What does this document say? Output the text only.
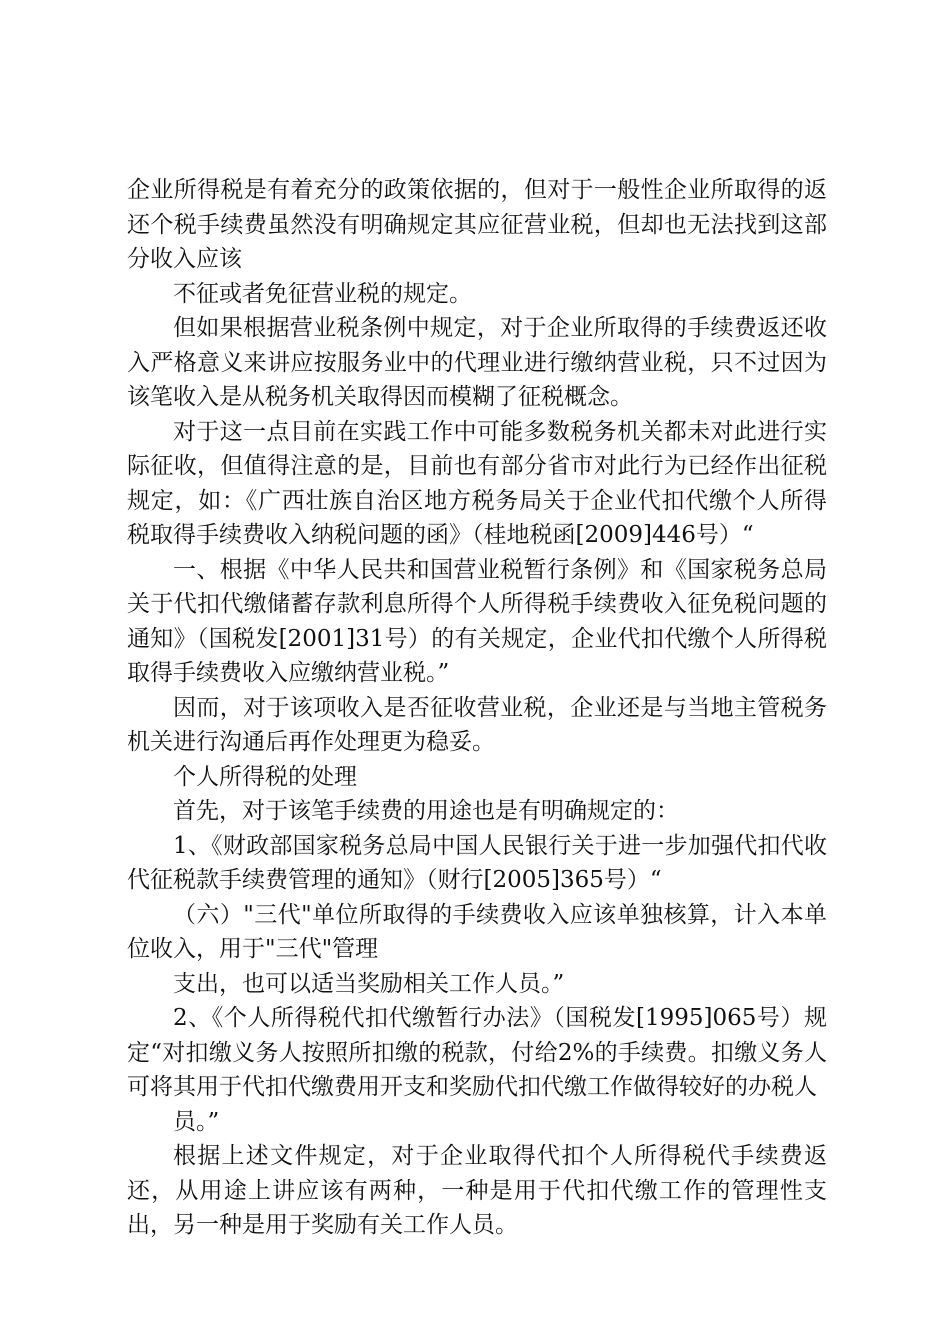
企业所得税是有着充分的政策依据的，但对于一般性企业所取得的返还个税手续费虽然没有明确规定其应征营业税，但却也无法找到这部分收入应该

不征或者免征营业税的规定。

但如果根据营业税条例中规定，对于企业所取得的手续费返还收入严格意义来讲应按服务业中的代理业进行缴纳营业税，只不过因为该笔收入是从税务机关取得因而模糊了征税概念。

对于这一点目前在实践工作中可能多数税务机关都未对此进行实际征收，但值得注意的是，目前也有部分省市对此行为已经作出征税规定，如：《广西壮族自治区地方税务局关于企业代扣代缴个人所得税取得手续费收入纳税问题的函》（桂地税函[2009]446号）“

一、根据《中华人民共和国营业税暂行条例》和《国家税务总局关于代扣代缴储蓄存款利息所得个人所得税手续费收入征免税问题的通知》（国税发[2001]31号）的有关规定，企业代扣代缴个人所得税取得手续费收入应缴纳营业税。”

因而，对于该项收入是否征收营业税，企业还是与当地主管税务机关进行沟通后再作处理更为稳妥。

个人所得税的处理

首先，对于该笔手续费的用途也是有明确规定的：

1、《财政部国家税务总局中国人民银行关于进一步加强代扣代收代征税款手续费管理的通知》（财行[2005]365号）“

（六）"三代"单位所取得的手续费收入应该单独核算，计入本单位收入，用于"三代"管理

支出，也可以适当奖励相关工作人员。”

2、《个人所得税代扣代缴暂行办法》（国税发[1995]065号）规定“对扣缴义务人按照所扣缴的税款，付给2%的手续费。扣缴义务人可将其用于代扣代缴费用开支和奖励代扣代缴工作做得较好的办税人

员。”

根据上述文件规定，对于企业取得代扣个人所得税代手续费返还，从用途上讲应该有两种，一种是用于代扣代缴工作的管理性支出，另一种是用于奖励有关工作人员。
